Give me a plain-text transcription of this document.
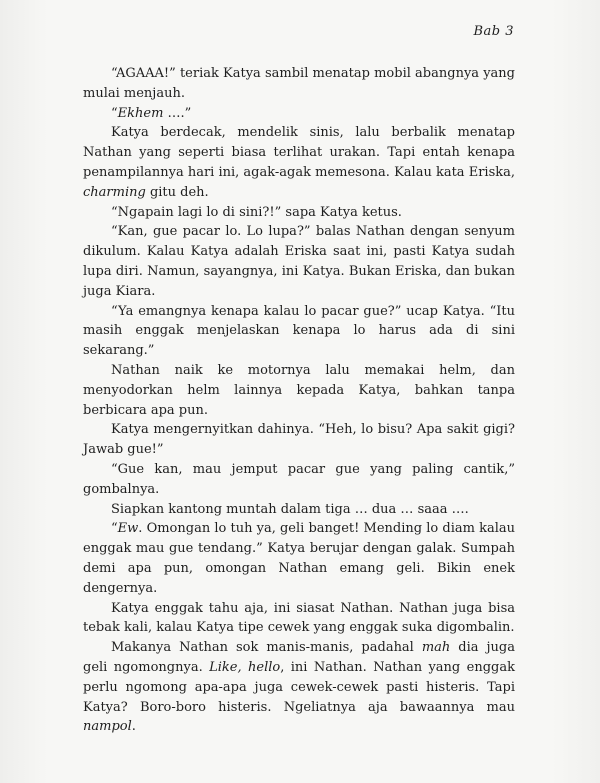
Bab 3

“AGAAA!” teriak Katya sambil menatap mobil abangnya yang mulai menjauh.

“Ekhem ….”

Katya berdecak, mendelik sinis, lalu berbalik menatap Nathan yang seperti biasa terlihat urakan. Tapi entah kenapa penampilannya hari ini, agak-agak memesona. Kalau kata Eriska, charming gitu deh.

“Ngapain lagi lo di sini?!” sapa Katya ketus.

“Kan, gue pacar lo. Lo lupa?” balas Nathan dengan senyum dikulum. Kalau Katya adalah Eriska saat ini, pasti Katya sudah lupa diri. Namun, sayangnya, ini Katya. Bukan Eriska, dan bukan juga Kiara.

“Ya emangnya kenapa kalau lo pacar gue?” ucap Katya. “Itu masih enggak menjelaskan kenapa lo harus ada di sini sekarang.”

Nathan naik ke motornya lalu memakai helm, dan menyodorkan helm lainnya kepada Katya, bahkan tanpa berbicara apa pun.

Katya mengernyitkan dahinya. “Heh, lo bisu? Apa sakit gigi? Jawab gue!”

“Gue kan, mau jemput pacar gue yang paling cantik,” gombalnya.

Siapkan kantong muntah dalam tiga … dua … saaa ….

“Ew. Omongan lo tuh ya, geli banget! Mending lo diam kalau enggak mau gue tendang.” Katya berujar dengan galak. Sumpah demi apa pun, omongan Nathan emang geli. Bikin enek dengernya.

Katya enggak tahu aja, ini siasat Nathan. Nathan juga bisa tebak kali, kalau Katya tipe cewek yang enggak suka digombalin.

Makanya Nathan sok manis-manis, padahal mah dia juga geli ngomongnya. Like, hello, ini Nathan. Nathan yang enggak perlu ngomong apa-apa juga cewek-cewek pasti histeris. Tapi Katya? Boro-boro histeris. Ngeliatnya aja bawaannya mau nampol.
